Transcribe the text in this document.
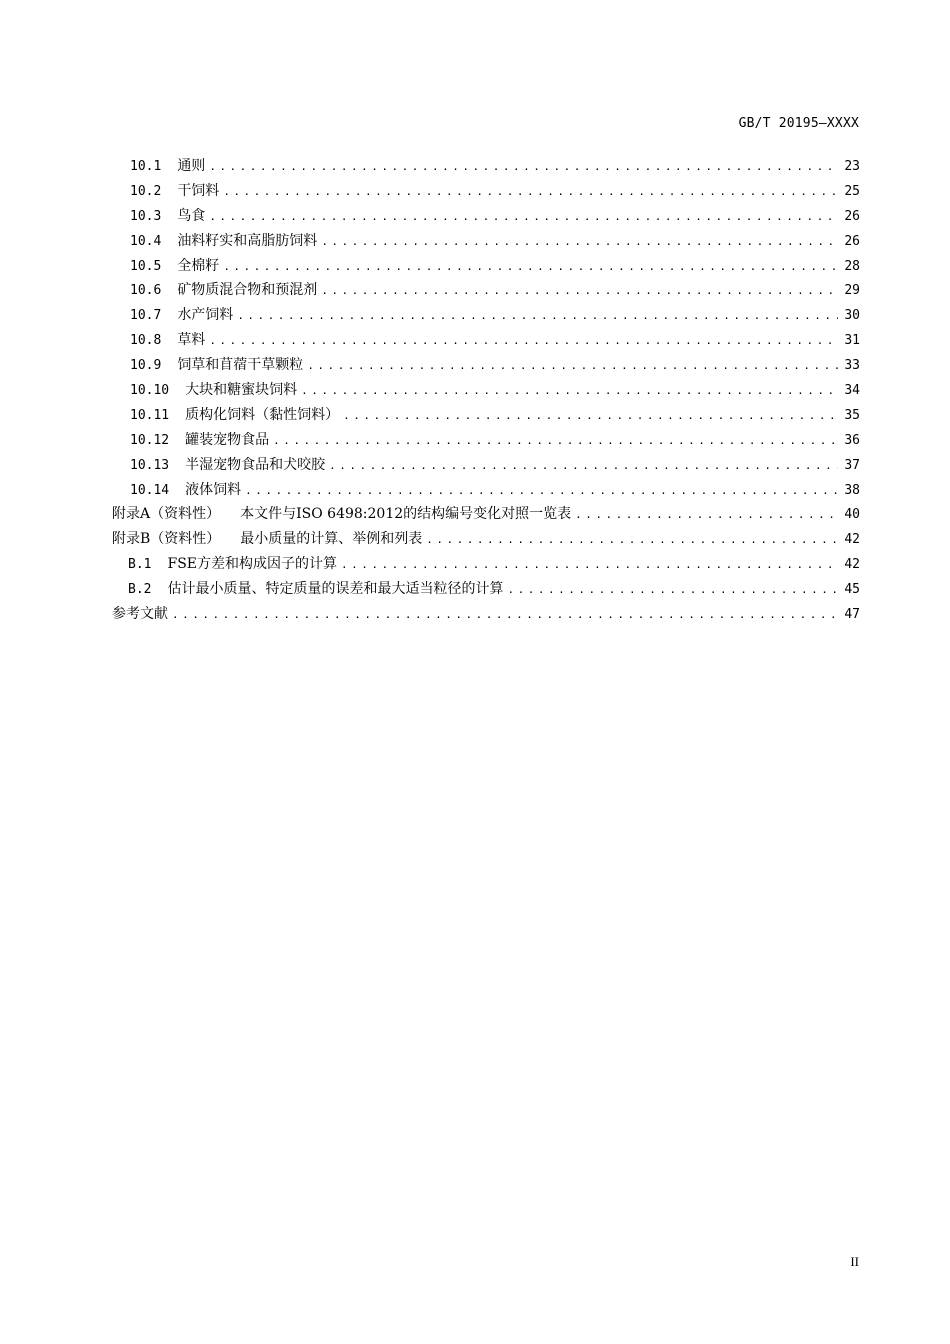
GB/T 20195—XXXX
10.1 通则 .....	23
10.2 干饲料 .....	25
10.3 鸟食 .....	26
10.4 油料籽实和高脂肪饲料 .....	26
10.5 全棉籽 .....	28
10.6 矿物质混合物和预混剂 .....	29
10.7 水产饲料 .....	30
10.8 草料 .....	31
10.9 饲草和苜蓿干草颗粒 .....	33
10.10 大块和糖蜜块饲料 .....	34
10.11 质构化饲料（黏性饲料） .....	35
10.12 罐装宠物食品 .....	36
10.13 半湿宠物食品和犬咬胶 .....	37
10.14 液体饲料 .....	38
附录A（资料性） 本文件与ISO 6498:2012的结构编号变化对照一览表 .....	40
附录B（资料性） 最小质量的计算、举例和列表 .....	42
B.1 FSE方差和构成因子的计算 .....	42
B.2 估计最小质量、特定质量的误差和最大适当粒径的计算 .....	45
参考文献 .....	47
II
